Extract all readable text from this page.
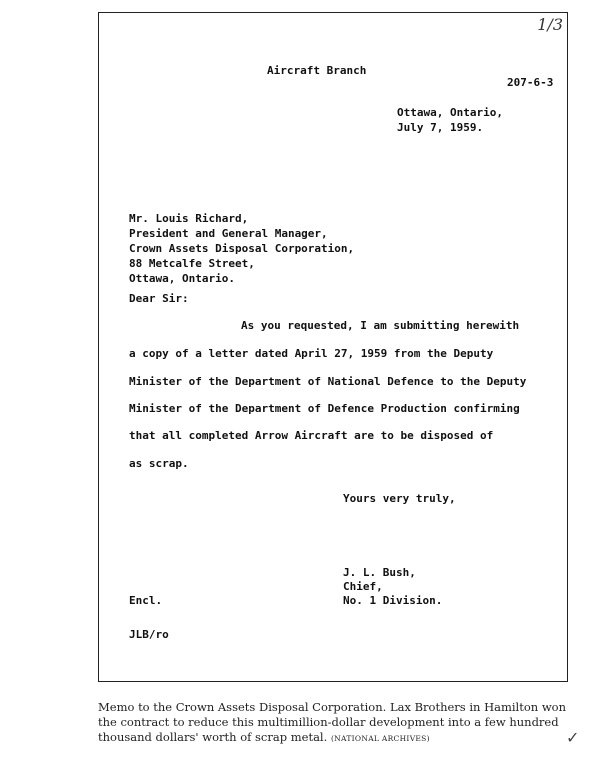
1/3
Aircraft Branch
207-6-3
Ottawa, Ontario,
July 7, 1959.
Mr. Louis Richard,
President and General Manager,
Crown Assets Disposal Corporation,
88 Metcalfe Street,
Ottawa, Ontario.
Dear Sir:
As you requested, I am submitting herewith
a copy of a letter dated April 27, 1959 from the Deputy
Minister of the Department of National Defence to the Deputy
Minister of the Department of Defence Production confirming
that all completed Arrow Aircraft are to be disposed of
as scrap.
Yours very truly,
J. L. Bush,
Chief,
No. 1 Division.
Encl.
JLB/ro
Memo to the Crown Assets Disposal Corporation. Lax Brothers in Hamilton won the contract to reduce this multimillion-dollar development into a few hundred thousand dollars' worth of scrap metal. (NATIONAL ARCHIVES)	✓
